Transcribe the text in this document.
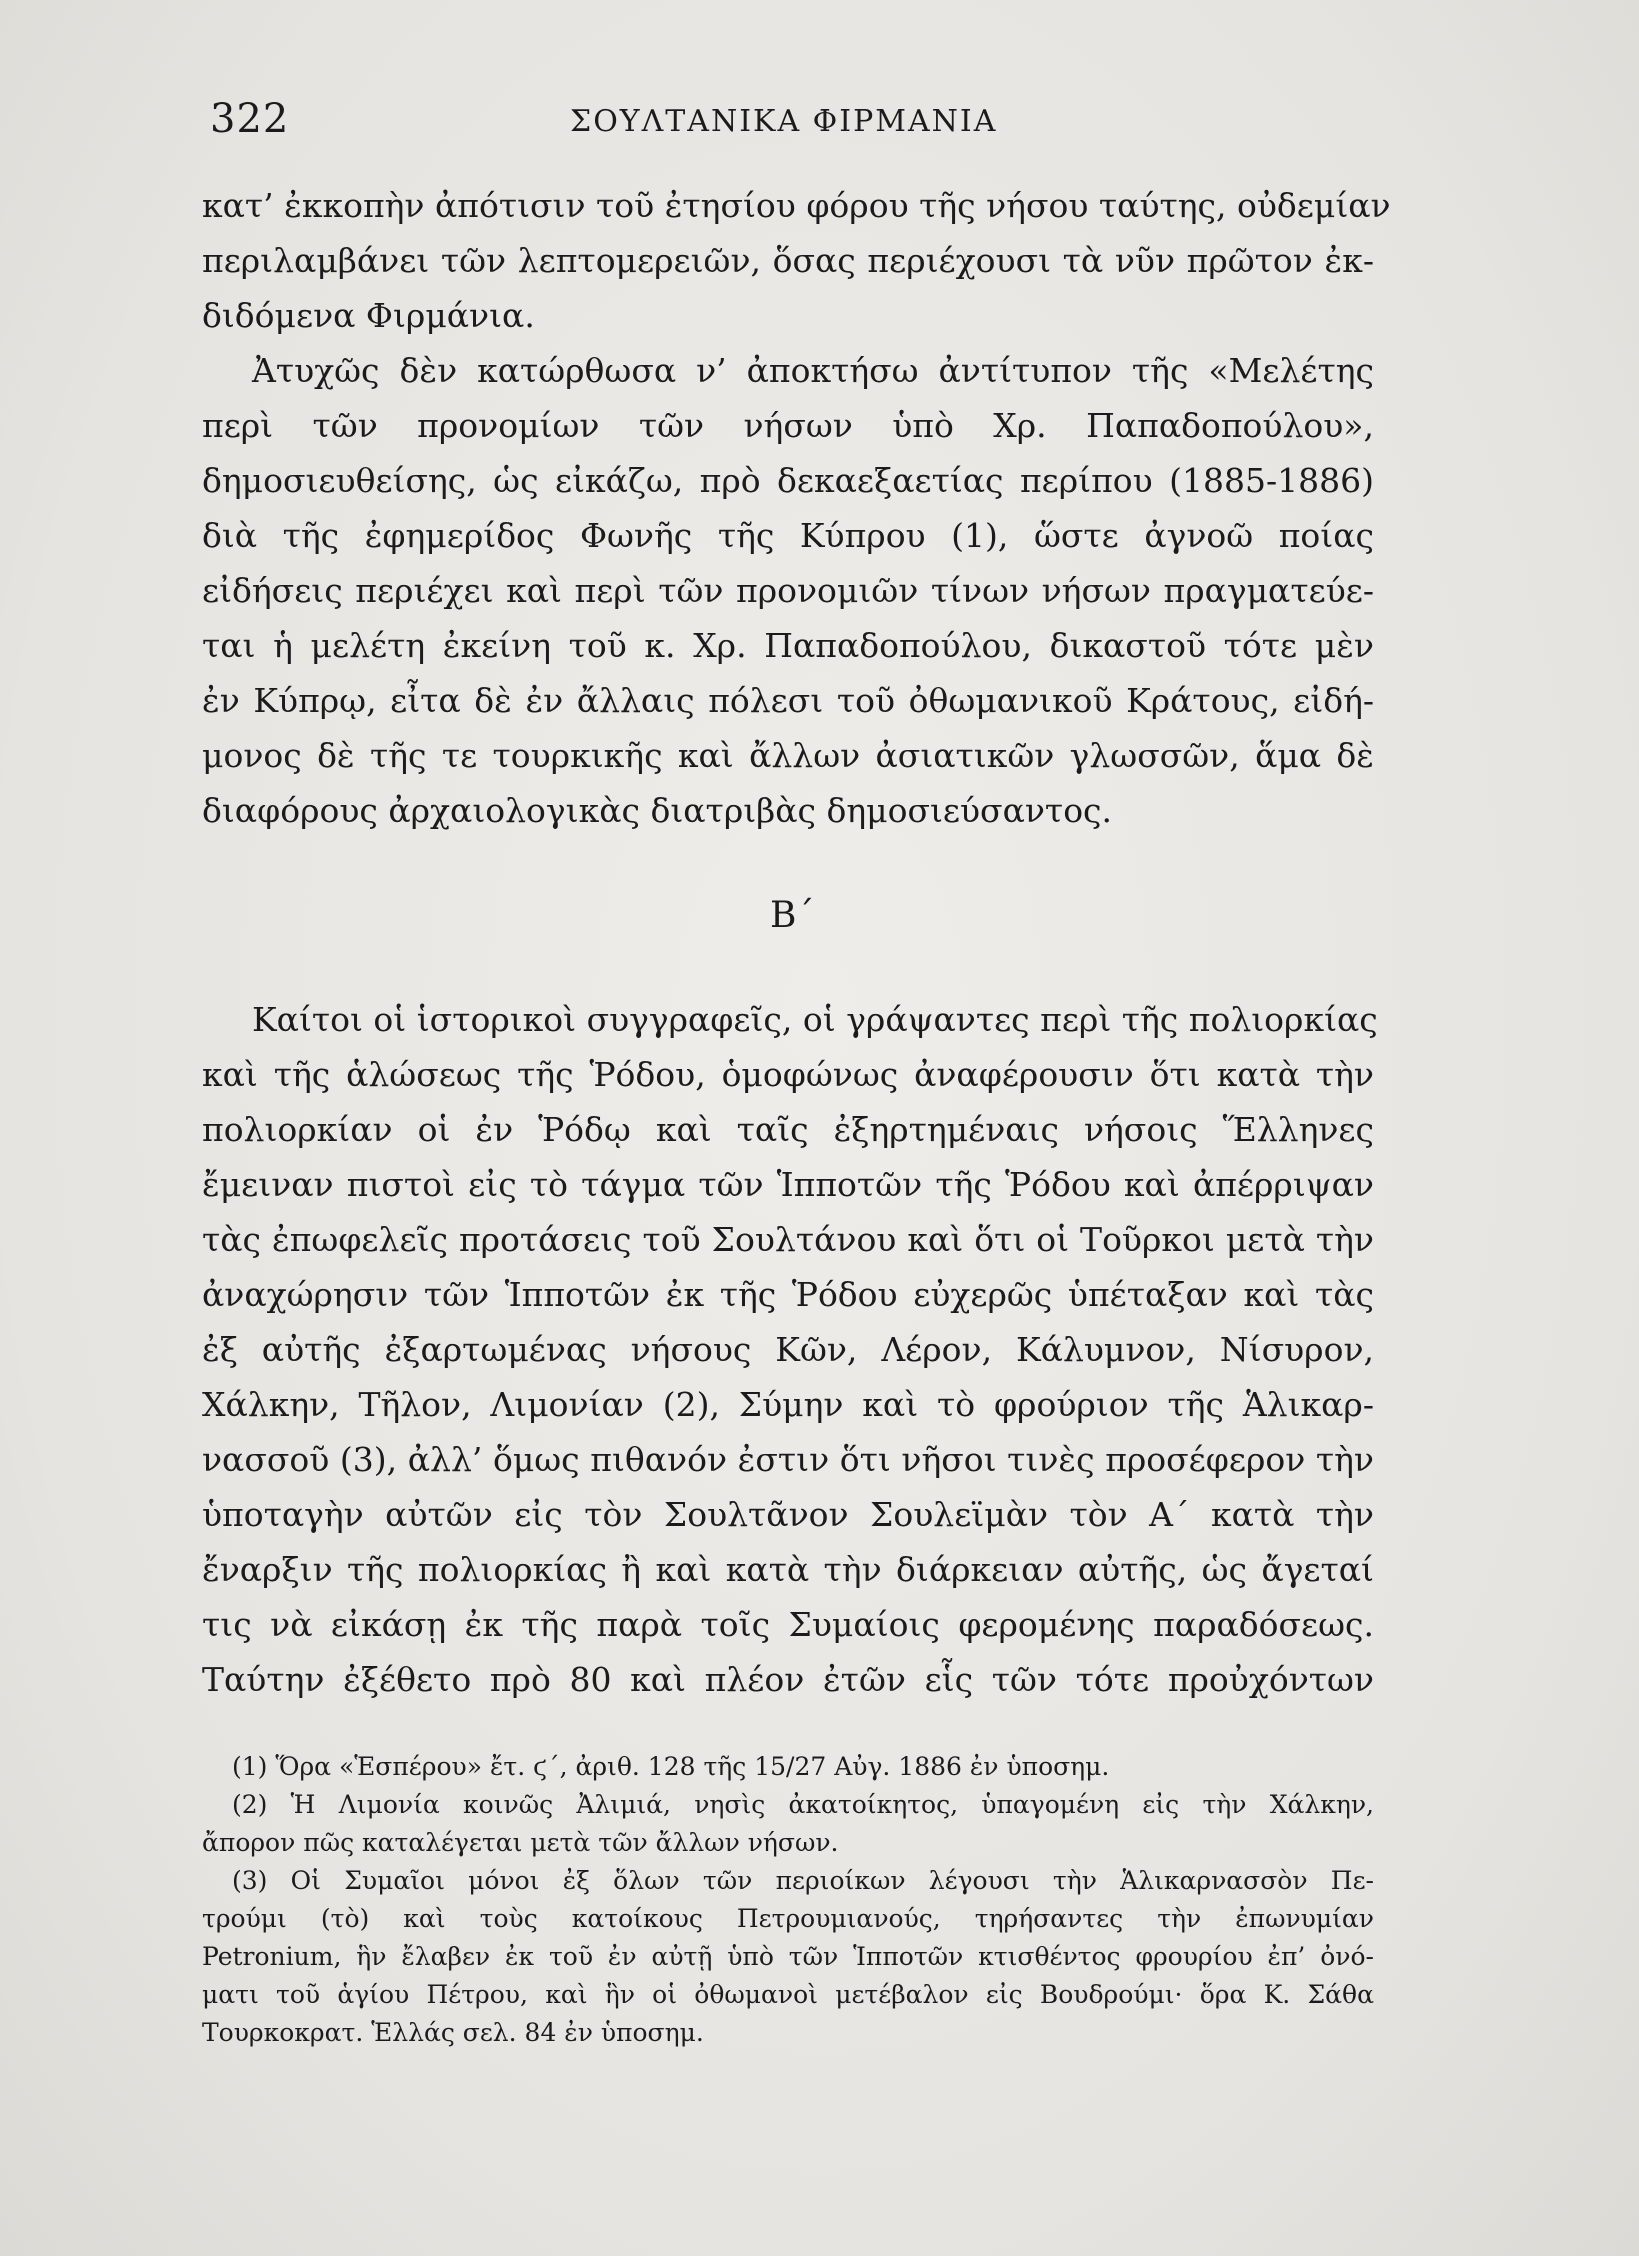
322	ΣΟΥΛΤΑΝΙΚΑ ΦΙΡΜΑΝΙΑ
κατ’ ἐκκοπὴν ἀπότισιν τοῦ ἐτησίου φόρου τῆς νήσου ταύτης, οὐδεμίαν
περιλαμβάνει τῶν λεπτομερειῶν, ὅσας περιέχουσι τὰ νῦν πρῶτον ἐκ-
διδόμενα Φιρμάνια.
Ἀτυχῶς δὲν κατώρθωσα ν’ ἀποκτήσω ἀντίτυπον τῆς «Μελέτης
περὶ τῶν προνομίων τῶν νήσων ὑπὸ Χρ. Παπαδοπούλου»,
δημοσιευθείσης, ὡς εἰκάζω, πρὸ δεκαεξαετίας περίπου (1885-1886)
διὰ τῆς ἐφημερίδος Φωνῆς τῆς Κύπρου (1), ὥστε ἀγνοῶ ποίας
εἰδήσεις περιέχει καὶ περὶ τῶν προνομιῶν τίνων νήσων πραγματεύε-
ται ἡ μελέτη ἐκείνη τοῦ κ. Χρ. Παπαδοπούλου, δικαστοῦ τότε μὲν
ἐν Κύπρῳ, εἶτα δὲ ἐν ἄλλαις πόλεσι τοῦ ὀθωμανικοῦ Κράτους, εἰδή-
μονος δὲ τῆς τε τουρκικῆς καὶ ἄλλων ἀσιατικῶν γλωσσῶν, ἅμα δὲ
διαφόρους ἀρχαιολογικὰς διατριβὰς δημοσιεύσαντος.
Β΄
Καίτοι οἱ ἱστορικοὶ συγγραφεῖς, οἱ γράψαντες περὶ τῆς πολιορκίας
καὶ τῆς ἁλώσεως τῆς Ῥόδου, ὁμοφώνως ἀναφέρουσιν ὅτι κατὰ τὴν
πολιορκίαν οἱ ἐν Ῥόδῳ καὶ ταῖς ἐξηρτημέναις νήσοις Ἕλληνες
ἔμειναν πιστοὶ εἰς τὸ τάγμα τῶν Ἱπποτῶν τῆς Ῥόδου καὶ ἀπέρριψαν
τὰς ἐπωφελεῖς προτάσεις τοῦ Σουλτάνου καὶ ὅτι οἱ Τοῦρκοι μετὰ τὴν
ἀναχώρησιν τῶν Ἱπποτῶν ἐκ τῆς Ῥόδου εὐχερῶς ὑπέταξαν καὶ τὰς
ἐξ αὐτῆς ἐξαρτωμένας νήσους Κῶν, Λέρον, Κάλυμνον, Νίσυρον,
Χάλκην, Τῆλον, Λιμονίαν (2), Σύμην καὶ τὸ φρούριον τῆς Ἁλικαρ-
νασσοῦ (3), ἀλλ’ ὅμως πιθανόν ἐστιν ὅτι νῆσοι τινὲς προσέφερον τὴν
ὑποταγὴν αὐτῶν εἰς τὸν Σουλτᾶνον Σουλεϊμὰν τὸν Α΄ κατὰ τὴν
ἔναρξιν τῆς πολιορκίας ἢ καὶ κατὰ τὴν διάρκειαν αὐτῆς, ὡς ἄγεταί
τις νὰ εἰκάσῃ ἐκ τῆς παρὰ τοῖς Συμαίοις φερομένης παραδόσεως.
Ταύτην ἐξέθετο πρὸ 80 καὶ πλέον ἐτῶν εἷς τῶν τότε προὐχόντων
(1) Ὅρα «Ἑσπέρου» ἔτ. ϛ΄, ἀριθ. 128 τῆς 15/27 Αὐγ. 1886 ἐν ὑποσημ.
(2) Ἡ Λιμονία κοινῶς Ἀλιμιά, νησὶς ἀκατοίκητος, ὑπαγομένη εἰς τὴν Χάλκην,
ἄπορον πῶς καταλέγεται μετὰ τῶν ἄλλων νήσων.
(3) Οἱ Συμαῖοι μόνοι ἐξ ὅλων τῶν περιοίκων λέγουσι τὴν Ἁλικαρνασσὸν Πε-
τρούμι (τὸ) καὶ τοὺς κατοίκους Πετρουμιανούς, τηρήσαντες τὴν ἐπωνυμίαν
Petronium, ἣν ἔλαβεν ἐκ τοῦ ἐν αὐτῇ ὑπὸ τῶν Ἱπποτῶν κτισθέντος φρουρίου ἐπ’ ὀνό-
ματι τοῦ ἁγίου Πέτρου, καὶ ἣν οἱ ὀθωμανοὶ μετέβαλον εἰς Βουδρούμι· ὅρα Κ. Σάθα
Τουρκοκρατ. Ἑλλάς σελ. 84 ἐν ὑποσημ.
